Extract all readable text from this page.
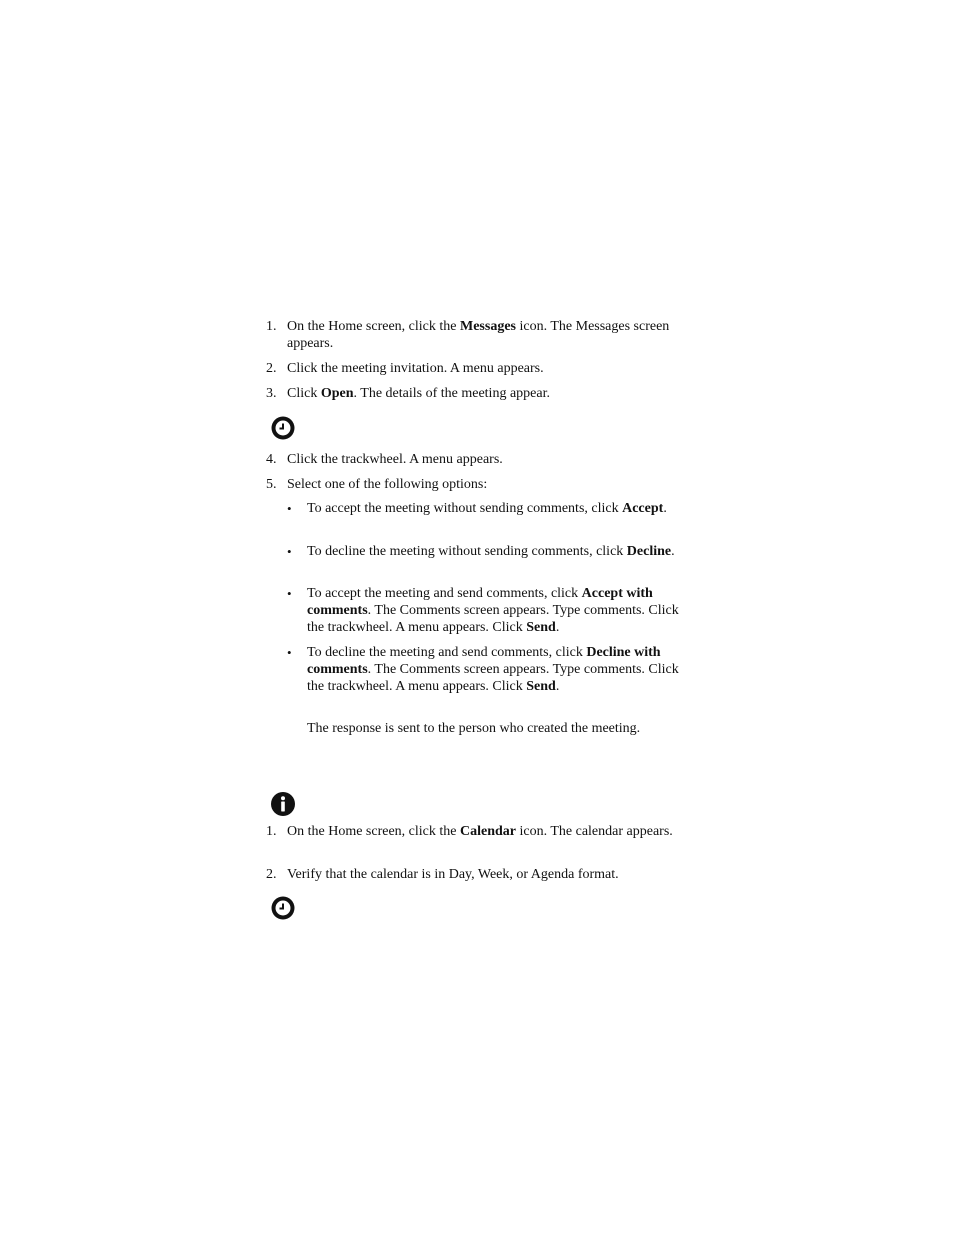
1. On the Home screen, click the Messages icon. The Messages screen appears.
2. Click the meeting invitation. A menu appears.
3. Click Open. The details of the meeting appear.
4. Click the trackwheel. A menu appears.
5. Select one of the following options:
•	To accept the meeting without sending comments, click Accept.
•	To decline the meeting without sending comments, click Decline.
•	To accept the meeting and send comments, click Accept with comments. The Comments screen appears. Type comments. Click the trackwheel. A menu appears. Click Send.
•	To decline the meeting and send comments, click Decline with comments. The Comments screen appears. Type comments. Click the trackwheel. A menu appears. Click Send.
The response is sent to the person who created the meeting.
1. On the Home screen, click the Calendar icon. The calendar appears.
2. Verify that the calendar is in Day, Week, or Agenda format.
